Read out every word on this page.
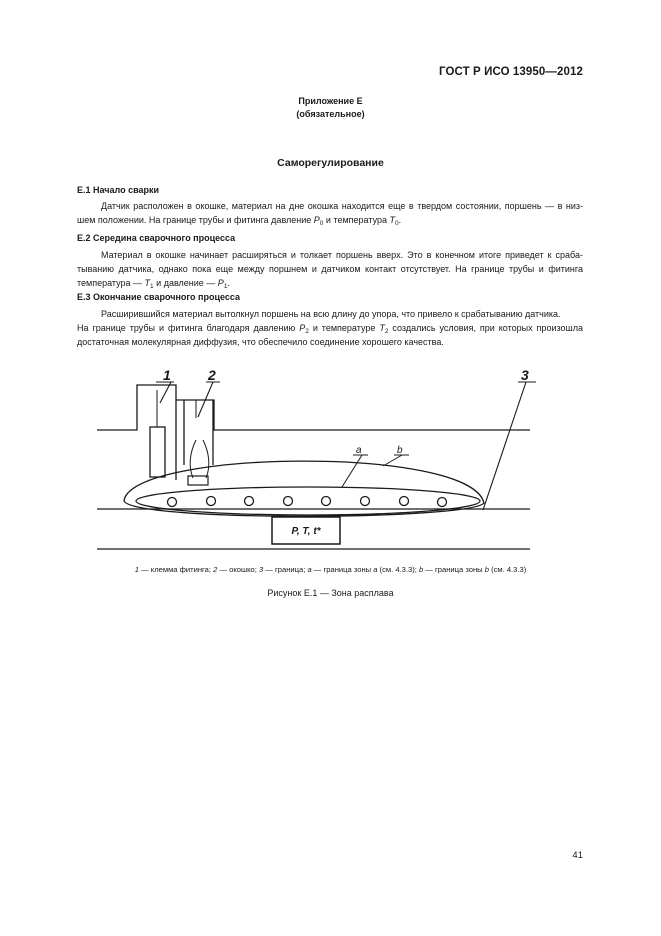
ГОСТ Р ИСО 13950—2012
Приложение E
(обязательное)
Саморегулирование
E.1 Начало сварки
Датчик расположен в окошке, материал на дне окошка находится еще в твердом состоянии, поршень — в низ-
шем положении. На границе трубы и фитинга давление $P_0$ и температура $T_0$.
E.2 Середина сварочного процесса
Материал в окошке начинает расширяться и толкает поршень вверх. Это в конечном итоге приведет к сраба-
тыванию датчика, однако пока еще между поршнем и датчиком контакт отсутствует. На границе трубы и фитинга
температура — $T_1$ и давление — $P_1$.
E.3 Окончание сварочного процесса
Расширившийся материал вытолкнул поршень на всю длину до упора, что привело к срабатыванию датчика.
На границе трубы и фитинга благодаря давлению $P_2$ и температуре $T_2$ создались условия, при которых произошла
достаточная молекулярная диффузия, что обеспечило соединение хорошего качества.
1	2	3
a	b
P, T, t*
1 — клемма фитинга; 2 — окошко; 3 — граница; a — граница зоны a (см. 4.3.3); b — граница зоны b (см. 4.3.3)
Рисунок E.1 — Зона расплава
41
